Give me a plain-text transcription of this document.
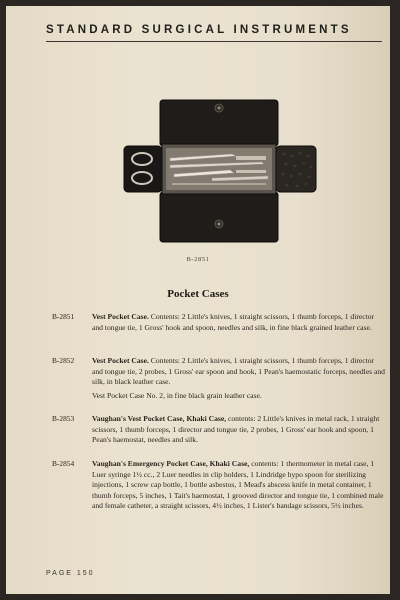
STANDARD SURGICAL INSTRUMENTS
B-2851
Pocket Cases
B-2851	Vest Pocket Case. Contents: 2 Little's knives, 1 straight scissors, 1 thumb forceps, 1 director and tongue tie, 1 Gross' hook and spoon, needles and silk, in fine black grained leather case.
B-2852	Vest Pocket Case. Contents: 2 Little's knives, 1 straight scissors, 1 thumb forceps, 1 director and tongue tie, 2 probes, 1 Gross' ear spoon and hook, 1 Pean's haemostatic forceps, needles and silk, in black leather case.
Vest Pocket Case No. 2, in fine black grain leather case.
B-2853	Vaughan's Vest Pocket Case, Khaki Case, contents: 2 Little's knives in metal rack, 1 straight scissors, 1 thumb forceps, 1 director and tongue tie, 2 probes, 1 Gross' ear hook and spoon, 1 Pean's haemostat, needles and silk.
B-2854	Vaughan's Emergency Pocket Case, Khaki Case, contents: 1 thermometer in metal case, 1 Luer syringe 1½ cc., 2 Luer needles in clip holders, 1 Lindridge hypo spoon for sterilizing injections, 1 screw cap bottle, 1 bottle asbestos, 1 Mead's abscess knife in metal container, 1 thumb forceps, 5 inches, 1 Tait's haemostat, 1 grooved director and tongue tie, 1 combined male and female catheter, a straight scissors, 4½ inches, 1 Lister's bandage scissors, 5½ inches.
PAGE 150
